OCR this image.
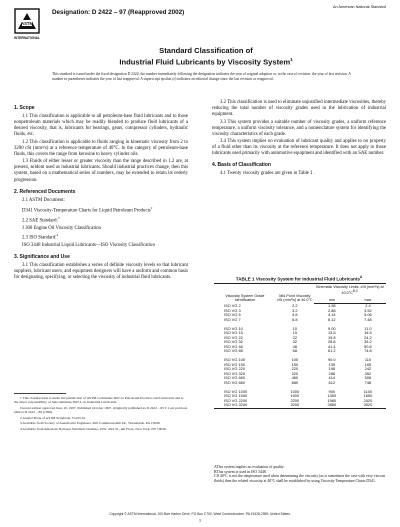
ASTM
INTERNATIONAL
Designation: D 2422 – 97 (Reapproved 2002)
An American National Standard
Standard Classification of
Industrial Fluid Lubricants by Viscosity System$^1$
This standard is issued under the fixed designation D 2422; the number immediately following the designation indicates the year of original adoption or, in the case of revision, the year of last revision. A number in parentheses indicates the year of last reapproval. A superscript epsilon (ε) indicates an editorial change since the last revision or reapproval.
1. Scope

1.1 This classification is applicable to all petroleum-base fluid lubricants and to those nonpetroleum materials which may be readily blended to produce fluid lubricants of a desired viscosity, that is, lubricants for bearings, gears, compressor cylinders, hydraulic fluids, etc.

1.2 This classification is applicable to fluids ranging in kinematic viscosity from 2 to 3200 cSt (mm²/s) at a reference temperature of 40°C. In the category of petroleum-base fluids, this covers the range from kerosine to heavy cylinder oils.

1.3 Fluids of either lesser or greater viscosity than the range described in 1.2 are, at present, seldom used as industrial lubricants. Should industrial practices change, then this system, based on a mathematical series of numbers, may be extended to retain its orderly progression.

2. Referenced Documents

2.1 ASTM Document:

D341 Viscosity-Temperature Charts for Liquid Petroleum Products$^2$

2.2 SAE Standard:$^3$

J 300 Engine Oil Viscosity Classification

2.3 ISO Standard:$^4$

ISO 3448 Industrial Liquid Lubricants—ISO Viscosity Classification
3. Significance and Use

3.1 This classification establishes a series of definite viscosity levels so that lubricant suppliers, lubricant users, and equipment designers will have a uniform and common basis for designating, specifying, or selecting the viscosity of industrial fluid lubricants.

1 This classification is under the jurisdiction of ASTM Committee D02 on Petroleum Products and Lubricants and is the direct responsibility of Subcommittee D02.L on Industrial Lubricants.
Current edition approved June 10, 1997. Published October 1997. Originally published as D 2422 – 65 T. Last previous edition D 2422 – 86 (1996).
2 Annual Book of ASTM Standards, Vol 05.01.
3 Available from Society of Automotive Engineers, 400 Commonwealth Dr., Warrendale, PA 15096.
4 Available from American National Standards Institute, 25W. 43rd St., 4th Floor, New York, NY 10036.

3.2 This classification is used to eliminate unjustified intermediate viscosities, thereby reducing the total number of viscosity grades used in the lubrication of industrial equipment.

3.3 This system provides a suitable number of viscosity grades, a uniform reference temperature, a uniform viscosity tolerance, and a nomenclature system for identifying the viscosity characteristics of each grade.

3.4 This system implies no evaluation of lubricant quality and applies to no property of a fluid other than its viscosity at the reference temperature. It does not apply to those lubricants used primarily with automotive equipment and identified with an SAE number.

4. Basis of Classification

4.1 Twenty viscosity grades are given in Table 1 .

TABLE 1 Viscosity System for Industrial Fluid Lubricants$^A$
Viscosity System Grade Identification	Mid-Point Viscosity cSt (mm²/s) at 40.0°C	Kinematic Viscosity Limits, cSt (mm²/s) at $40.0^\circ C^{B,C}$
		min	max
ISO VG 2	2.2	1.98	2.4
ISO VG 3	3.2	2.88	3.52
ISO VG 5	4.6	4.14	5.06
ISO VG 7	6.8	6.12	7.48

ISO VG 10	10	9.00	11.0
ISO VG 15	15	13.5	16.5
ISO VG 22	22	19.8	24.2
ISO VG 32	32	28.8	35.2
ISO VG 46	46	41.4	50.6
ISO VG 68	68	61.2	74.8

ISO VG 100	100	90.0	110
ISO VG 150	150	135	165
ISO VG 220	220	198	242
ISO VG 320	320	288	352
ISO VG 460	460	414	506
ISO VG 680	680	612	748

ISO VG 1000	1000	900	1100
ISO VG 1500	1500	1350	1650
ISO VG 2200	2200	1980	2420
ISO VG 3200	3200	2880	3520
AThis system implies no evaluation of quality.
BThis system is used in ISO 3448.
CIf 40°C is not the temperature used when determining the viscosity (as is sometimes the case with very viscous fluids) then the related viscosity at 40°C shall be established by using Viscosity Temperature Charts D341.
Copyright © ASTM International, 100 Barr Harbor Drive, PO Box C700, West Conshohocken, PA 19428-2959, United States.
1
